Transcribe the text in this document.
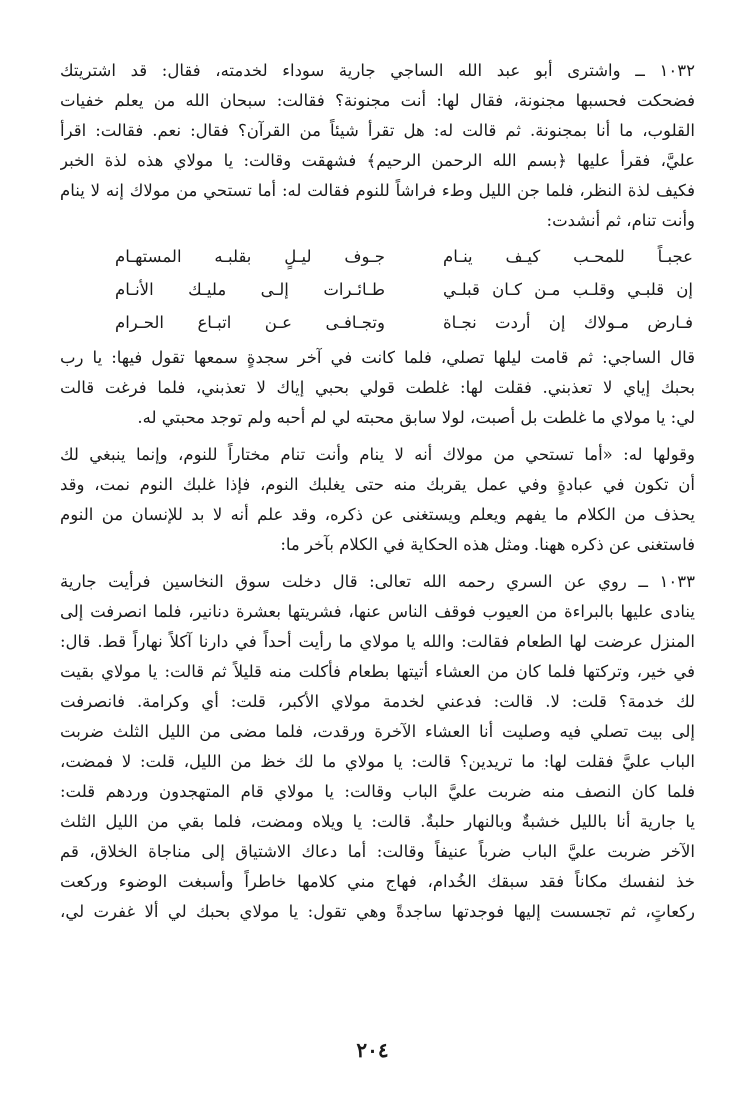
١٠٣٢ ــ واشترى أبو عبد الله الساجي جارية سوداء لخدمته، فقال: قد اشتريتك
فضحكت فحسبها مجنونة، فقال لها: أنت مجنونة؟ فقالت: سبحان الله من يعلم خفيات
القلوب، ما أنا بمجنونة. ثم قالت له: هل تقرأ شيئاً من القرآن؟ فقال: نعم. فقالت: اقرأ
عليَّ، فقرأ عليها ﴿بسم الله الرحمن الرحيم﴾ فشهقت وقالت: يا مولاي هذه لذة الخبر
فكيف لذة النظر، فلما جن الليل وطء فراشاً للنوم فقالت له: أما تستحي من مولاك إنه لا ينام
وأنت تنام، ثم أنشدت:
عجبـاً للمحـب كيـف ينـام
جـوف ليـلٍ بقلبـه المستهـام
إن قلبـي وقلـب مـن كـان قبلـي
طـائـرات إلـى مليـك الأنـام
فـارض مـولاك إن أردت نجـاة
وتجـافـى عـن اتبـاع الحـرام
قال الساجي: ثم قامت ليلها تصلي، فلما كانت في آخر سجدةٍ سمعها تقول فيها: يا رب
بحبك إياي لا تعذبني. فقلت لها: غلطت قولي بحبي إياك لا تعذبني، فلما فرغت قالت
لي: يا مولاي ما غلطت بل أصبت، لولا سابق محبته لي لم أحبه ولم توجد محبتي له.
وقولها له: «أما تستحي من مولاك أنه لا ينام وأنت تنام مختاراً للنوم، وإنما ينبغي لك
أن تكون في عبادةٍ وفي عمل يقربك منه حتى يغلبك النوم، فإذا غلبك النوم نمت، وقد
يحذف من الكلام ما يفهم ويعلم ويستغنى عن ذكره، وقد علم أنه لا بد للإنسان من النوم
فاستغنى عن ذكره ههنا. ومثل هذه الحكاية في الكلام بآخر ما:
١٠٣٣ ــ روي عن السري رحمه الله تعالى: قال دخلت سوق النخاسين فرأيت جارية
ينادى عليها بالبراءة من العيوب فوقف الناس عنها، فشريتها بعشرة دنانير، فلما انصرفت إلى
المنزل عرضت لها الطعام فقالت: والله يا مولاي ما رأيت أحداً في دارنا آكلاً نهاراً قط. قال:
في خير، وتركتها فلما كان من العشاء أتيتها بطعام فأكلت منه قليلاً ثم قالت: يا مولاي بقيت
لك خدمة؟ قلت: لا. قالت: فدعني لخدمة مولاي الأكبر، قلت: أي وكرامة. فانصرفت
إلى بيت تصلي فيه وصليت أنا العشاء الآخرة ورقدت، فلما مضى من الليل الثلث ضربت
الباب عليَّ فقلت لها: ما تريدين؟ قالت: يا مولاي ما لك خظ من الليل، قلت: لا فمضت،
فلما كان النصف منه ضربت عليَّ الباب وقالت: يا مولاي قام المتهجدون وردهم قلت:
يا جارية أنا بالليل خشبةٌ وبالنهار حلبةٌ. قالت: يا ويلاه ومضت، فلما بقي من الليل الثلث
الآخر ضربت عليَّ الباب ضرباً عنيفاً وقالت: أما دعاك الاشتياق إلى مناجاة الخلاق، قم
خذ لنفسك مكاناً فقد سبقك الخُدام، فهاج مني كلامها خاطراً وأسبغت الوضوء وركعت
ركعاتٍ، ثم تجسست إليها فوجدتها ساجدةً وهي تقول: يا مولاي بحبك لي ألا غفرت لي،
٢٠٤
